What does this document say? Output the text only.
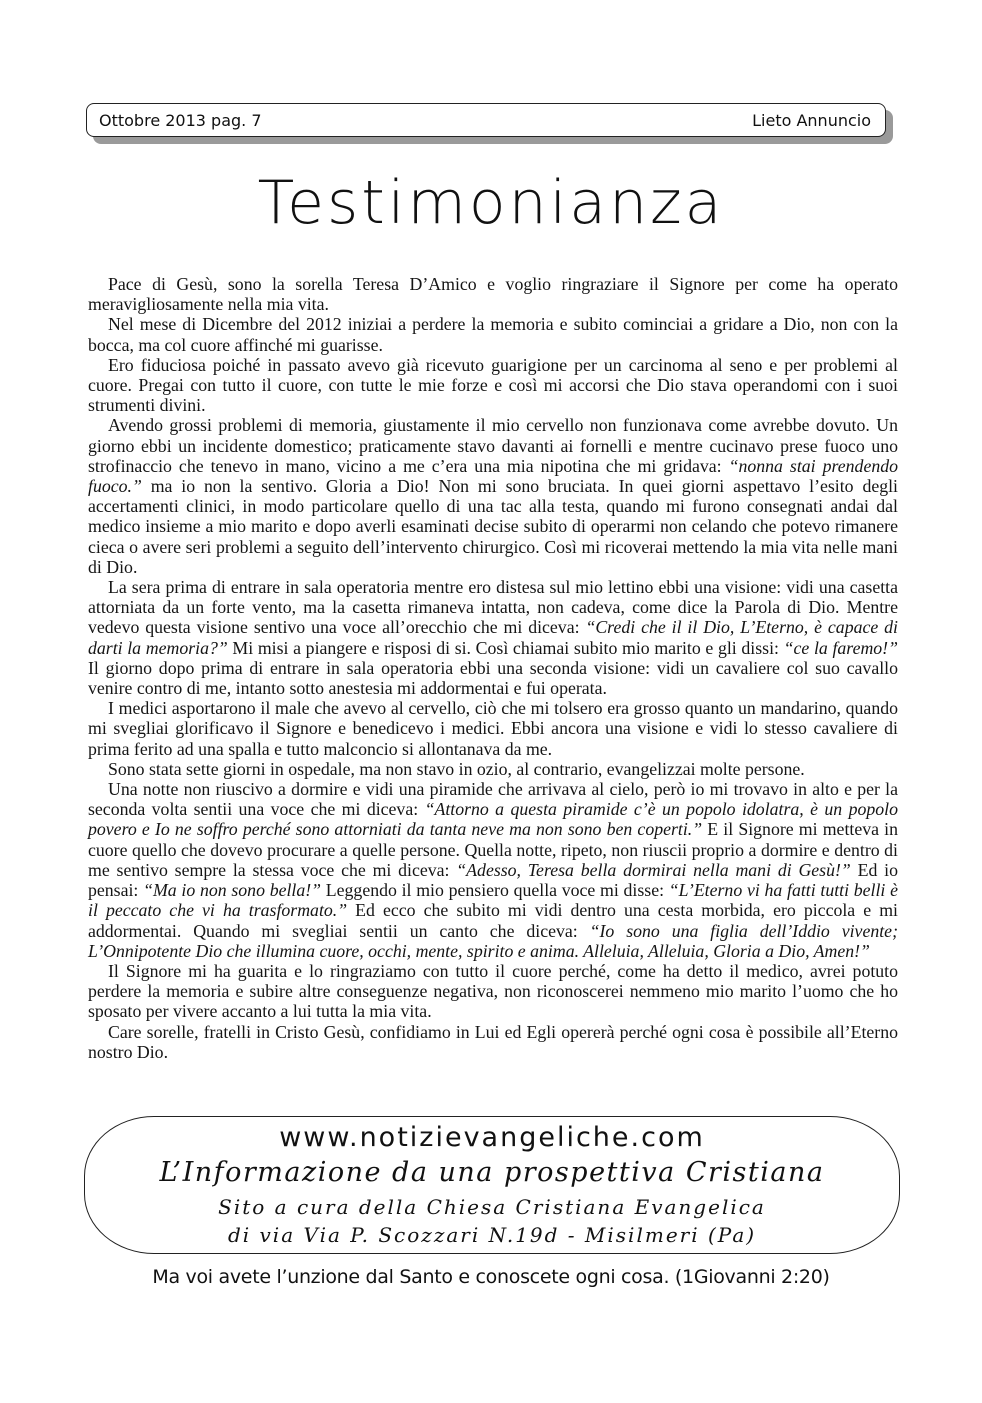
Ottobre 2013 pag. 7	Lieto Annuncio
Testimonianza

Pace di Gesù, sono la sorella Teresa D’Amico e voglio ringraziare il Signore per come ha operato meravigliosamente nella mia vita.

Nel mese di Dicembre del 2012 iniziai a perdere la memoria e subito cominciai a gridare a Dio, non con la bocca, ma col cuore affinché mi guarisse.

Ero fiduciosa poiché in passato avevo già ricevuto guarigione per un carcinoma al seno e per problemi al cuore. Pregai con tutto il cuore, con tutte le mie forze e così mi accorsi che Dio stava operandomi con i suoi strumenti divini.

Avendo grossi problemi di memoria, giustamente il mio cervello non funzionava come avrebbe dovuto. Un giorno ebbi un incidente domestico; praticamente stavo davanti ai fornelli e mentre cucinavo prese fuoco uno strofinaccio che tenevo in mano, vicino a me c’era una mia nipotina che mi gridava: “nonna stai prendendo fuoco.” ma io non la sentivo. Gloria a Dio! Non mi sono bruciata. In quei giorni aspettavo l’esito degli accertamenti clinici, in modo particolare quello di una tac alla testa, quando mi furono consegnati andai dal medico insieme a mio marito e dopo averli esaminati decise subito di operarmi non celando che potevo rimanere cieca o avere seri problemi a seguito dell’intervento chirurgico. Così mi ricoverai mettendo la mia vita nelle mani di Dio.

La sera prima di entrare in sala operatoria mentre ero distesa sul mio lettino ebbi una visione: vidi una casetta attorniata da un forte vento, ma la casetta rimaneva intatta, non cadeva, come dice la Parola di Dio. Mentre vedevo questa visione sentivo una voce all’orecchio che mi diceva: “Credi che il il Dio, L’Eterno, è capace di darti la memoria?” Mi misi a piangere e risposi di si. Così chiamai subito mio marito e gli dissi: “ce la faremo!” Il giorno dopo prima di entrare in sala operatoria ebbi una seconda visione: vidi un cavaliere col suo cavallo venire contro di me, intanto sotto anestesia mi addormentai e fui operata.

I medici asportarono il male che avevo al cervello, ciò che mi tolsero era grosso quanto un mandarino, quando mi svegliai glorificavo il Signore e benedicevo i medici. Ebbi ancora una visione e vidi lo stesso cavaliere di prima ferito ad una spalla e tutto malconcio si allontanava da me.

Sono stata sette giorni in ospedale, ma non stavo in ozio, al contrario, evangelizzai molte persone.

Una notte non riuscivo a dormire e vidi una piramide che arrivava al cielo, però io mi trovavo in alto e per la seconda volta sentii una voce che mi diceva: “Attorno a questa piramide c’è un popolo idolatra, è un popolo povero e Io ne soffro perché sono attorniati da tanta neve ma non sono ben coperti.” E il Signore mi metteva in cuore quello che dovevo procurare a quelle persone. Quella notte, ripeto, non riuscii proprio a dormire e dentro di me sentivo sempre la stessa voce che mi diceva: “Adesso, Teresa bella dormirai nella mani di Gesù!” Ed io pensai: “Ma io non sono bella!” Leggendo il mio pensiero quella voce mi disse: “L’Eterno vi ha fatti tutti belli è il peccato che vi ha trasformato.” Ed ecco che subito mi vidi dentro una cesta morbida, ero piccola e mi addormentai. Quando mi svegliai sentii un canto che diceva: “Io sono una figlia dell’Iddio vivente; L’Onnipotente Dio che illumina cuore, occhi, mente, spirito e anima. Alleluia, Alleluia, Gloria a Dio, Amen!”

Il Signore mi ha guarita e lo ringraziamo con tutto il cuore perché, come ha detto il medico, avrei potuto perdere la memoria e subire altre conseguenze negativa, non riconoscerei nemmeno mio marito l’uomo che ho sposato per vivere accanto a lui tutta la mia vita.

Care sorelle, fratelli in Cristo Gesù, confidiamo in Lui ed Egli opererà perché ogni cosa è possibile all’Eterno nostro Dio.

www.notizievangeliche.com
L’Informazione da una prospettiva Cristiana
Sito a cura della Chiesa Cristiana Evangelica
di via Via P. Scozzari N.19d - Misilmeri (Pa)
Ma voi avete l’unzione dal Santo e conoscete ogni cosa. (1Giovanni 2:20)
